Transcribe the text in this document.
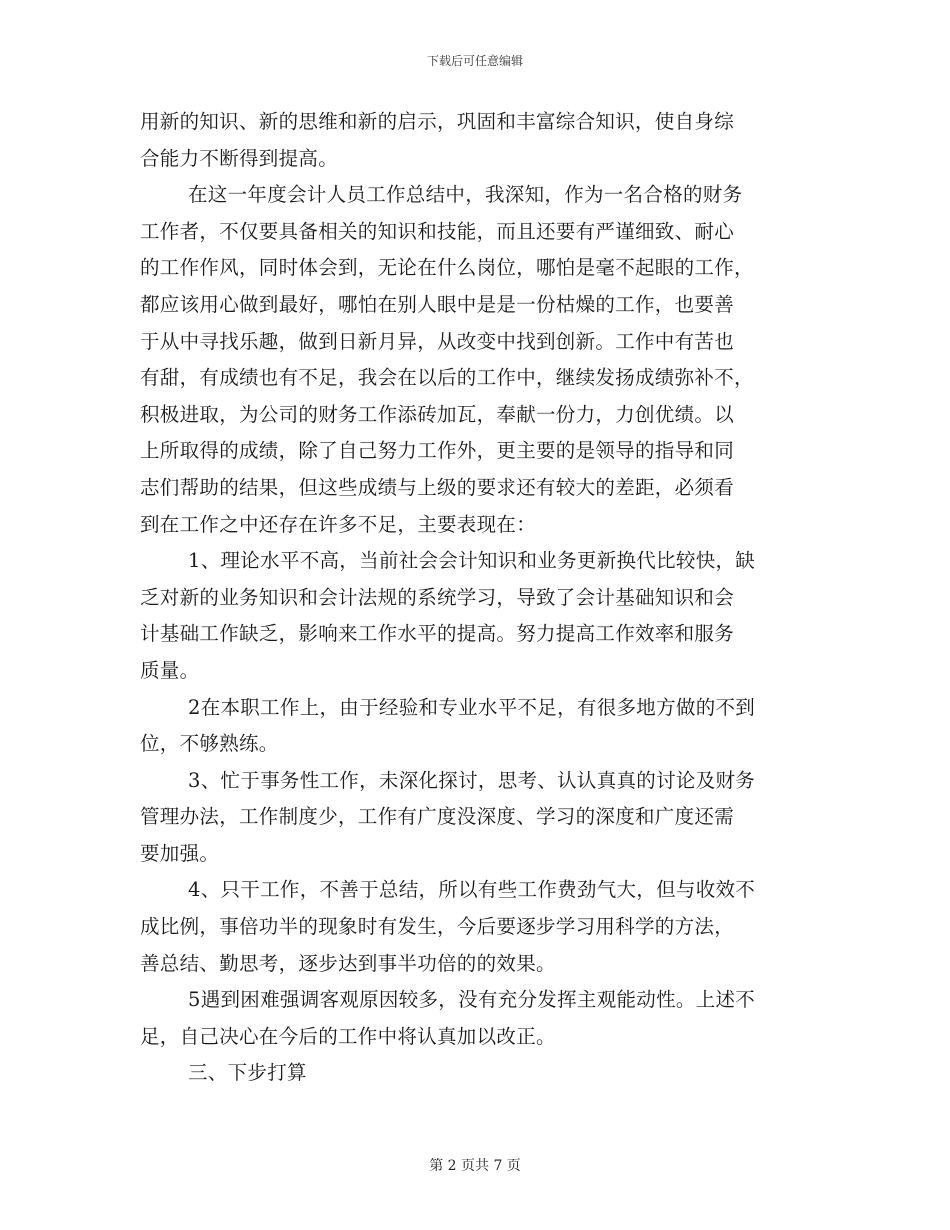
下载后可任意编辑
用新的知识、新的思维和新的启示，巩固和丰富综合知识，使自身综
合能力不断得到提高。
在这一年度会计人员工作总结中，我深知，作为一名合格的财务
工作者，不仅要具备相关的知识和技能，而且还要有严谨细致、耐心
的工作作风，同时体会到，无论在什么岗位，哪怕是毫不起眼的工作，
都应该用心做到最好，哪怕在别人眼中是是一份枯燥的工作，也要善
于从中寻找乐趣，做到日新月异，从改变中找到创新。工作中有苦也
有甜，有成绩也有不足，我会在以后的工作中，继续发扬成绩弥补不，
积极进取，为公司的财务工作添砖加瓦，奉献一份力，力创优绩。以
上所取得的成绩，除了自己努力工作外，更主要的是领导的指导和同
志们帮助的结果，但这些成绩与上级的要求还有较大的差距，必须看
到在工作之中还存在许多不足，主要表现在：
1、理论水平不高，当前社会会计知识和业务更新换代比较快，缺
乏对新的业务知识和会计法规的系统学习，导致了会计基础知识和会
计基础工作缺乏，影响来工作水平的提高。努力提高工作效率和服务
质量。
2在本职工作上，由于经验和专业水平不足，有很多地方做的不到
位，不够熟练。
3、忙于事务性工作，未深化探讨，思考、认认真真的讨论及财务
管理办法，工作制度少，工作有广度没深度、学习的深度和广度还需
要加强。
4、只干工作，不善于总结，所以有些工作费劲气大，但与收效不
成比例，事倍功半的现象时有发生，今后要逐步学习用科学的方法，
善总结、勤思考，逐步达到事半功倍的的效果。
5遇到困难强调客观原因较多，没有充分发挥主观能动性。上述不
足，自己决心在今后的工作中将认真加以改正。
三、下步打算
第 2 页共 7 页
